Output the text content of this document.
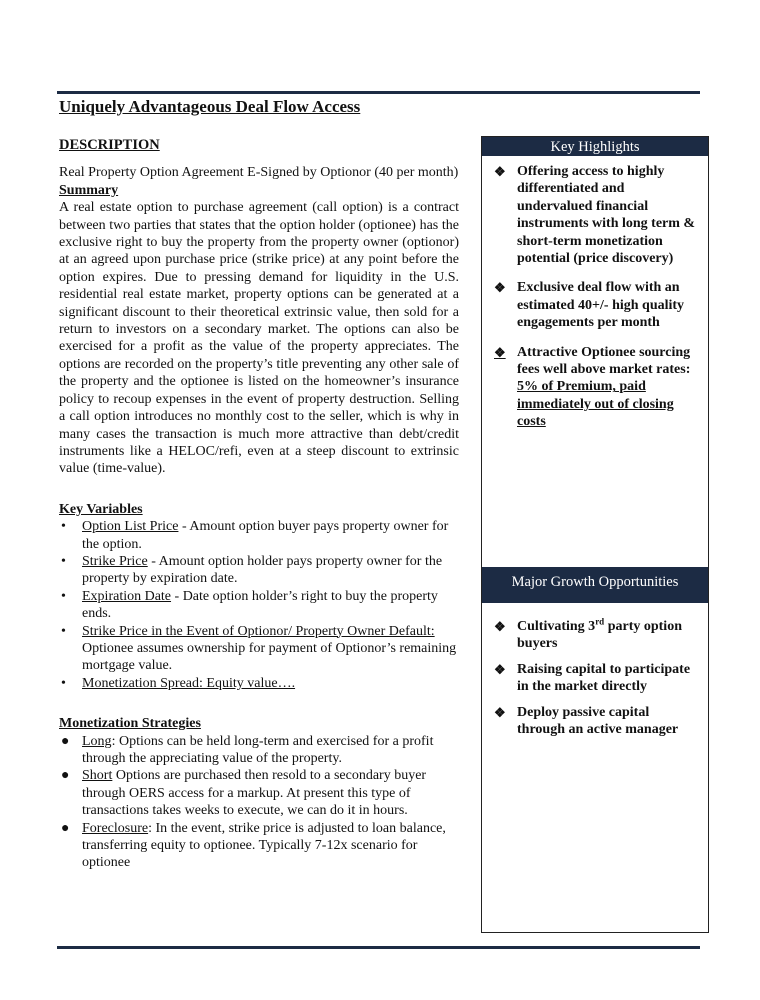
Uniquely Advantageous Deal Flow Access

DESCRIPTION

Real Property Option Agreement E-Signed by Optionor (40 per month)

Summary

A real estate option to purchase agreement (call option) is a contract between two parties that states that the option holder (optionee) has the exclusive right to buy the property from the property owner (optionor) at an agreed upon purchase price (strike price) at any point before the option expires. Due to pressing demand for liquidity in the U.S. residential real estate market, property options can be generated at a significant discount to their theoretical extrinsic value, then sold for a return to investors on a secondary market. The options can also be exercised for a profit as the value of the property appreciates. The options are recorded on the property’s title preventing any other sale of the property and the optionee is listed on the homeowner’s insurance policy to recoup expenses in the event of property destruction. Selling a call option introduces no monthly cost to the seller, which is why in many cases the transaction is much more attractive than debt/credit instruments like a HELOC/refi, even at a steep discount to extrinsic value (time-value).

Key Variables

• Option List Price - Amount option buyer pays property owner for the option.
• Strike Price - Amount option holder pays property owner for the property by expiration date.
• Expiration Date - Date option holder’s right to buy the property ends.
• Strike Price in the Event of Optionor/ Property Owner Default: Optionee assumes ownership for payment of Optionor’s remaining mortgage value.
• Monetization Spread: Equity value….

Monetization Strategies

● Long: Options can be held long-term and exercised for a profit through the appreciating value of the property.
● Short Options are purchased then resold to a secondary buyer through OERS access for a markup. At present this type of transactions takes weeks to execute, we can do it in hours.
● Foreclosure: In the event, strike price is adjusted to loan balance, transferring equity to optionee. Typically 7-12x scenario for optionee
Key Highlights
❖ Offering access to highly differentiated and undervalued financial instruments with long term & short-term monetization potential (price discovery)
❖ Exclusive deal flow with an estimated 40+/- high quality engagements per month
❖ Attractive Optionee sourcing fees well above market rates: 5% of Premium, paid immediately out of closing costs
Major Growth Opportunities
❖ Cultivating 3rd party option buyers
❖ Raising capital to participate in the market directly
❖ Deploy passive capital through an active manager
